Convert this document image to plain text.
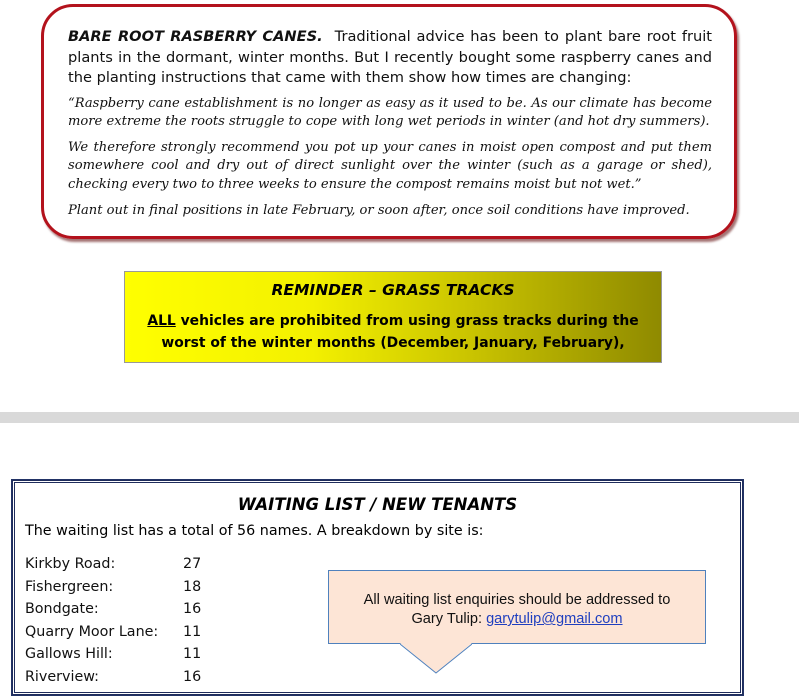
BARE ROOT RASBERRY CANES. Traditional advice has been to plant bare root fruit plants in the dormant, winter months. But I recently bought some raspberry canes and the planting instructions that came with them show how times are changing:

“Raspberry cane establishment is no longer as easy as it used to be. As our climate has become more extreme the roots struggle to cope with long wet periods in winter (and hot dry summers).

We therefore strongly recommend you pot up your canes in moist open compost and put them somewhere cool and dry out of direct sunlight over the winter (such as a garage or shed), checking every two to three weeks to ensure the compost remains moist but not wet.”

Plant out in final positions in late February, or soon after, once soil conditions have improved.

REMINDER – GRASS TRACKS
ALL vehicles are prohibited from using grass tracks during the worst of the winter months (December, January, February),
WAITING LIST / NEW TENANTS
The waiting list has a total of 56 names. A breakdown by site is:
Kirkby Road:	27
Fishergreen:	18
Bondgate:	16
Quarry Moor Lane: 11
Gallows Hill:	11
Riverview:	16
All waiting list enquiries should be addressed to
Gary Tulip: garytulip@gmail.com
